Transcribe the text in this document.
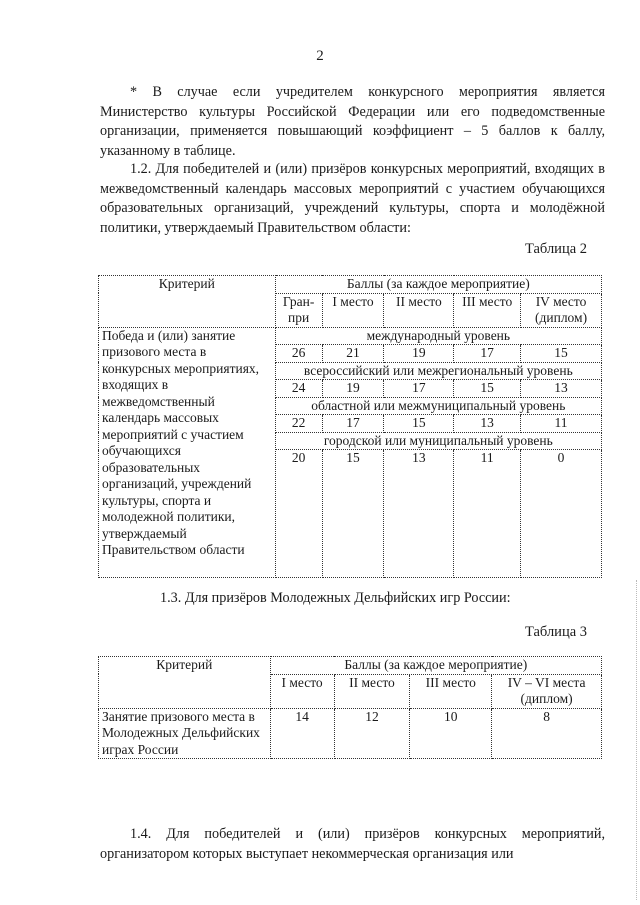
2

* В случае если учредителем конкурсного мероприятия является Министерство культуры Российской Федерации или его подведомственные организации, применяется повышающий коэффициент – 5 баллов к баллу, указанному в таблице.

1.2. Для победителей и (или) призёров конкурсных мероприятий, входящих в межведомственный календарь массовых мероприятий с участием обучающихся образовательных организаций, учреждений культуры, спорта и молодёжной политики, утверждаемый Правительством области:

Таблица 2
Критерий	Баллы (за каждое мероприятие)				
	Гран-при	I место	II место	III место	IV место (диплом)
Победа и (или) занятие призового места в конкурсных мероприятиях, входящих в межведомственный календарь массовых мероприятий с участием обучающихся образовательных организаций, учреждений культуры, спорта и молодежной политики, утверждаемый Правительством области	международный уровень				
	26	21	19	17	15
	всероссийский или межрегиональный уровень				
	24	19	17	15	13
	областной или межмуниципальный уровень				
	22	17	15	13	11
	городской или муниципальный уровень				
	20	15	13	11	0

1.3. Для призёров Молодежных Дельфийских игр России:

Таблица 3
Критерий	Баллы (за каждое мероприятие)			
	I место	II место	III место	IV – VI места (диплом)
Занятие призового места в Молодежных Дельфийских играх России	14	12	10	8

1.4. Для победителей и (или) призёров конкурсных мероприятий, организатором которых выступает некоммерческая организация или
